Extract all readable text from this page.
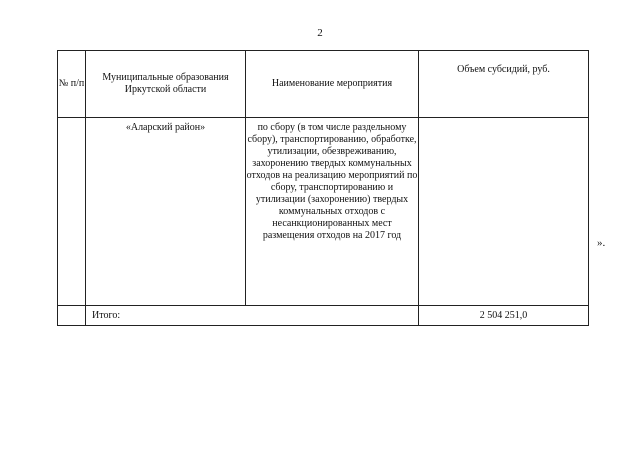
2
№ п/п	Муниципальные образования Иркутской области	Наименование мероприятия	Объем субсидий, руб.
	«Аларский район»	по сбору (в том числе раздельному сбору), транспортированию, обработке, утилизации, обезвреживанию, захоронению твердых коммунальных отходов на реализацию мероприятий по сбору, транспортированию и утилизации (захоронению) твердых коммунальных отходов с несанкционированных мест размещения отходов на 2017 год	
	Итого:		2 504 251,0
».
